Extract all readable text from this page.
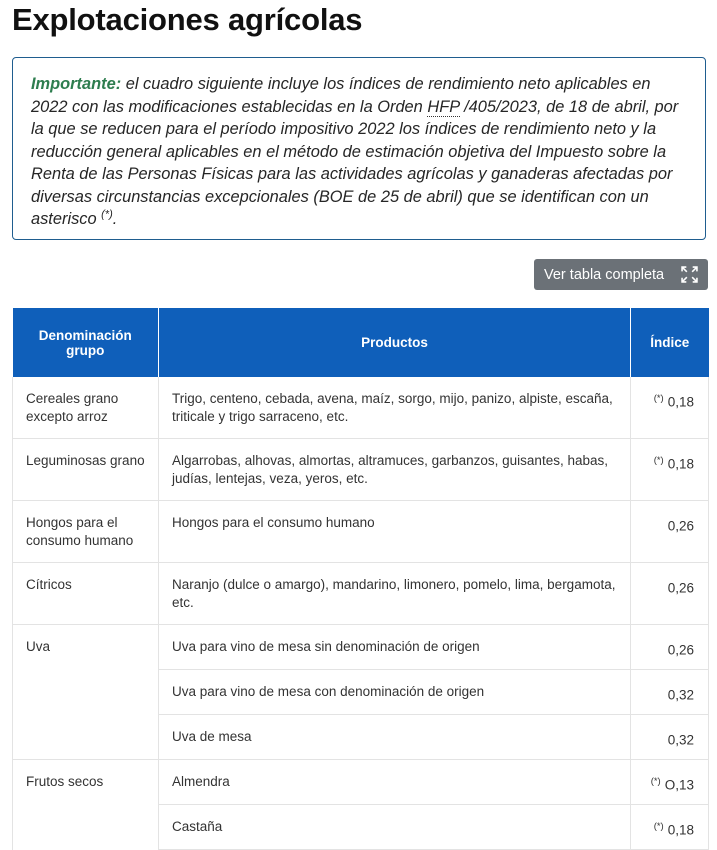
Explotaciones agrícolas
Importante: el cuadro siguiente incluye los índices de rendimiento neto aplicables en 2022 con las modificaciones establecidas en la Orden HFP /405/2023, de 18 de abril, por la que se reducen para el período impositivo 2022 los índices de rendimiento neto y la reducción general aplicables en el método de estimación objetiva del Impuesto sobre la Renta de las Personas Físicas para las actividades agrícolas y ganaderas afectadas por diversas circunstancias excepcionales (BOE de 25 de abril) que se identifican con un asterisco (*).
Ver tabla completa
Denominación grupo	Productos	Índice
Cereales grano excepto arroz	Trigo, centeno, cebada, avena, maíz, sorgo, mijo, panizo, alpiste, escaña, triticale y trigo sarraceno, etc.	(*) 0,18
Leguminosas grano	Algarrobas, alhovas, almortas, altramuces, garbanzos, guisantes, habas, judías, lentejas, veza, yeros, etc.	(*) 0,18
Hongos para el consumo humano	Hongos para el consumo humano	0,26
Cítricos	Naranjo (dulce o amargo), mandarino, limonero, pomelo, lima, bergamota, etc.	0,26
Uva	Uva para vino de mesa sin denominación de origen	0,26
	Uva para vino de mesa con denominación de origen	0,32
	Uva de mesa	0,32
Frutos secos	Almendra	(*) O,13
	Castaña	(*) 0,18
